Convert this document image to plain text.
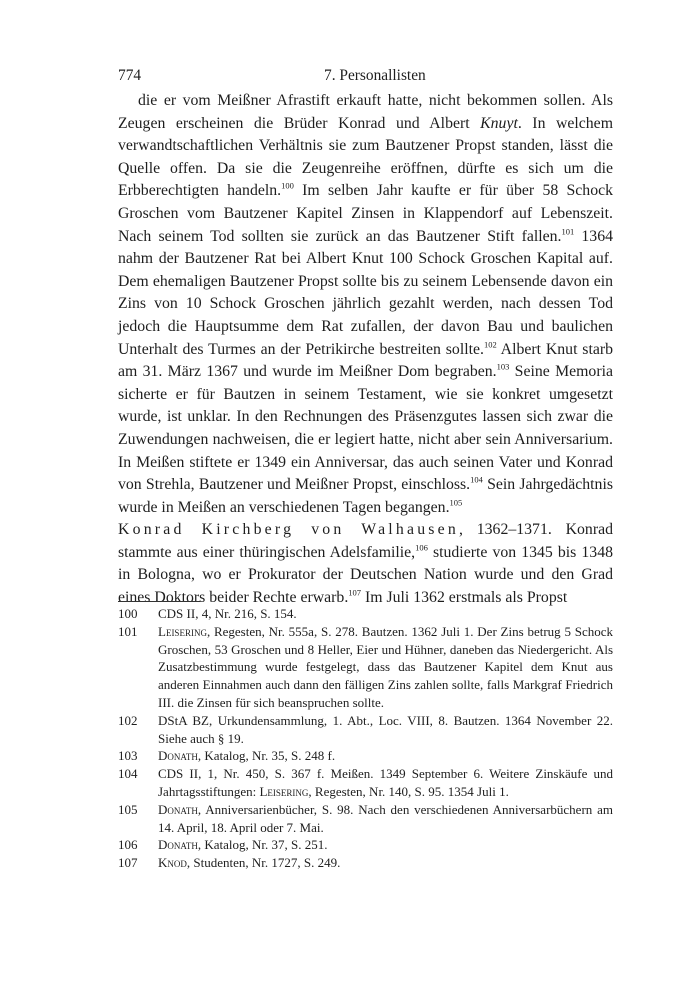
774	7. Personallisten

die er vom Meißner Afrastift erkauft hatte, nicht bekommen sollen. Als Zeugen erscheinen die Brüder Konrad und Albert Knuyt. In welchem verwandtschaftlichen Verhältnis sie zum Bautzener Propst standen, lässt die Quelle offen. Da sie die Zeugenreihe eröffnen, dürfte es sich um die Erbberechtigten handeln.$^{100}$ Im selben Jahr kaufte er für über 58 Schock Groschen vom Bautzener Kapitel Zinsen in Klappendorf auf Lebenszeit. Nach seinem Tod sollten sie zurück an das Bautzener Stift fallen.$^{101}$ 1364 nahm der Bautzener Rat bei Albert Knut 100 Schock Groschen Kapital auf. Dem ehemaligen Bautzener Propst sollte bis zu seinem Lebensende davon ein Zins von 10 Schock Groschen jährlich gezahlt werden, nach dessen Tod jedoch die Hauptsumme dem Rat zufallen, der davon Bau und baulichen Unterhalt des Turmes an der Petrikirche bestreiten sollte.$^{102}$ Albert Knut starb am 31. März 1367 und wurde im Meißner Dom begraben.$^{103}$ Seine Memoria sicherte er für Bautzen in seinem Testament, wie sie konkret umgesetzt wurde, ist unklar. In den Rechnungen des Präsenzgutes lassen sich zwar die Zuwendungen nachweisen, die er legiert hatte, nicht aber sein Anniversarium. In Meißen stiftete er 1349 ein Anniversar, das auch seinen Vater und Konrad von Strehla, Bautzener und Meißner Propst, einschloss.$^{104}$ Sein Jahrgedächtnis wurde in Meißen an verschiedenen Tagen begangen.$^{105}$

Konrad Kirchberg von Walhausen, 1362–1371. Konrad stammte aus einer thüringischen Adelsfamilie,$^{106}$ studierte von 1345 bis 1348 in Bologna, wo er Prokurator der Deutschen Nation wurde und den Grad eines Doktors beider Rechte erwarb.$^{107}$ Im Juli 1362 erstmals als Propst

100	CDS II, 4, Nr. 216, S. 154.
101	Leisering, Regesten, Nr. 555a, S. 278. Bautzen. 1362 Juli 1. Der Zins betrug 5 Schock Groschen, 53 Groschen und 8 Heller, Eier und Hühner, daneben das Niedergericht. Als Zusatzbestimmung wurde festgelegt, dass das Bautzener Kapitel dem Knut aus anderen Einnahmen auch dann den fälligen Zins zahlen sollte, falls Markgraf Friedrich III. die Zinsen für sich beanspruchen sollte.
102	DStA BZ, Urkundensammlung, 1. Abt., Loc. VIII, 8. Bautzen. 1364 November 22. Siehe auch § 19.
103	Donath, Katalog, Nr. 35, S. 248 f.
104	CDS II, 1, Nr. 450, S. 367 f. Meißen. 1349 September 6. Weitere Zinskäufe und Jahrtagsstiftungen: Leisering, Regesten, Nr. 140, S. 95. 1354 Juli 1.
105	Donath, Anniversarienbücher, S. 98. Nach den verschiedenen Anniversarbüchern am 14. April, 18. April oder 7. Mai.
106	Donath, Katalog, Nr. 37, S. 251.
107	Knod, Studenten, Nr. 1727, S. 249.
